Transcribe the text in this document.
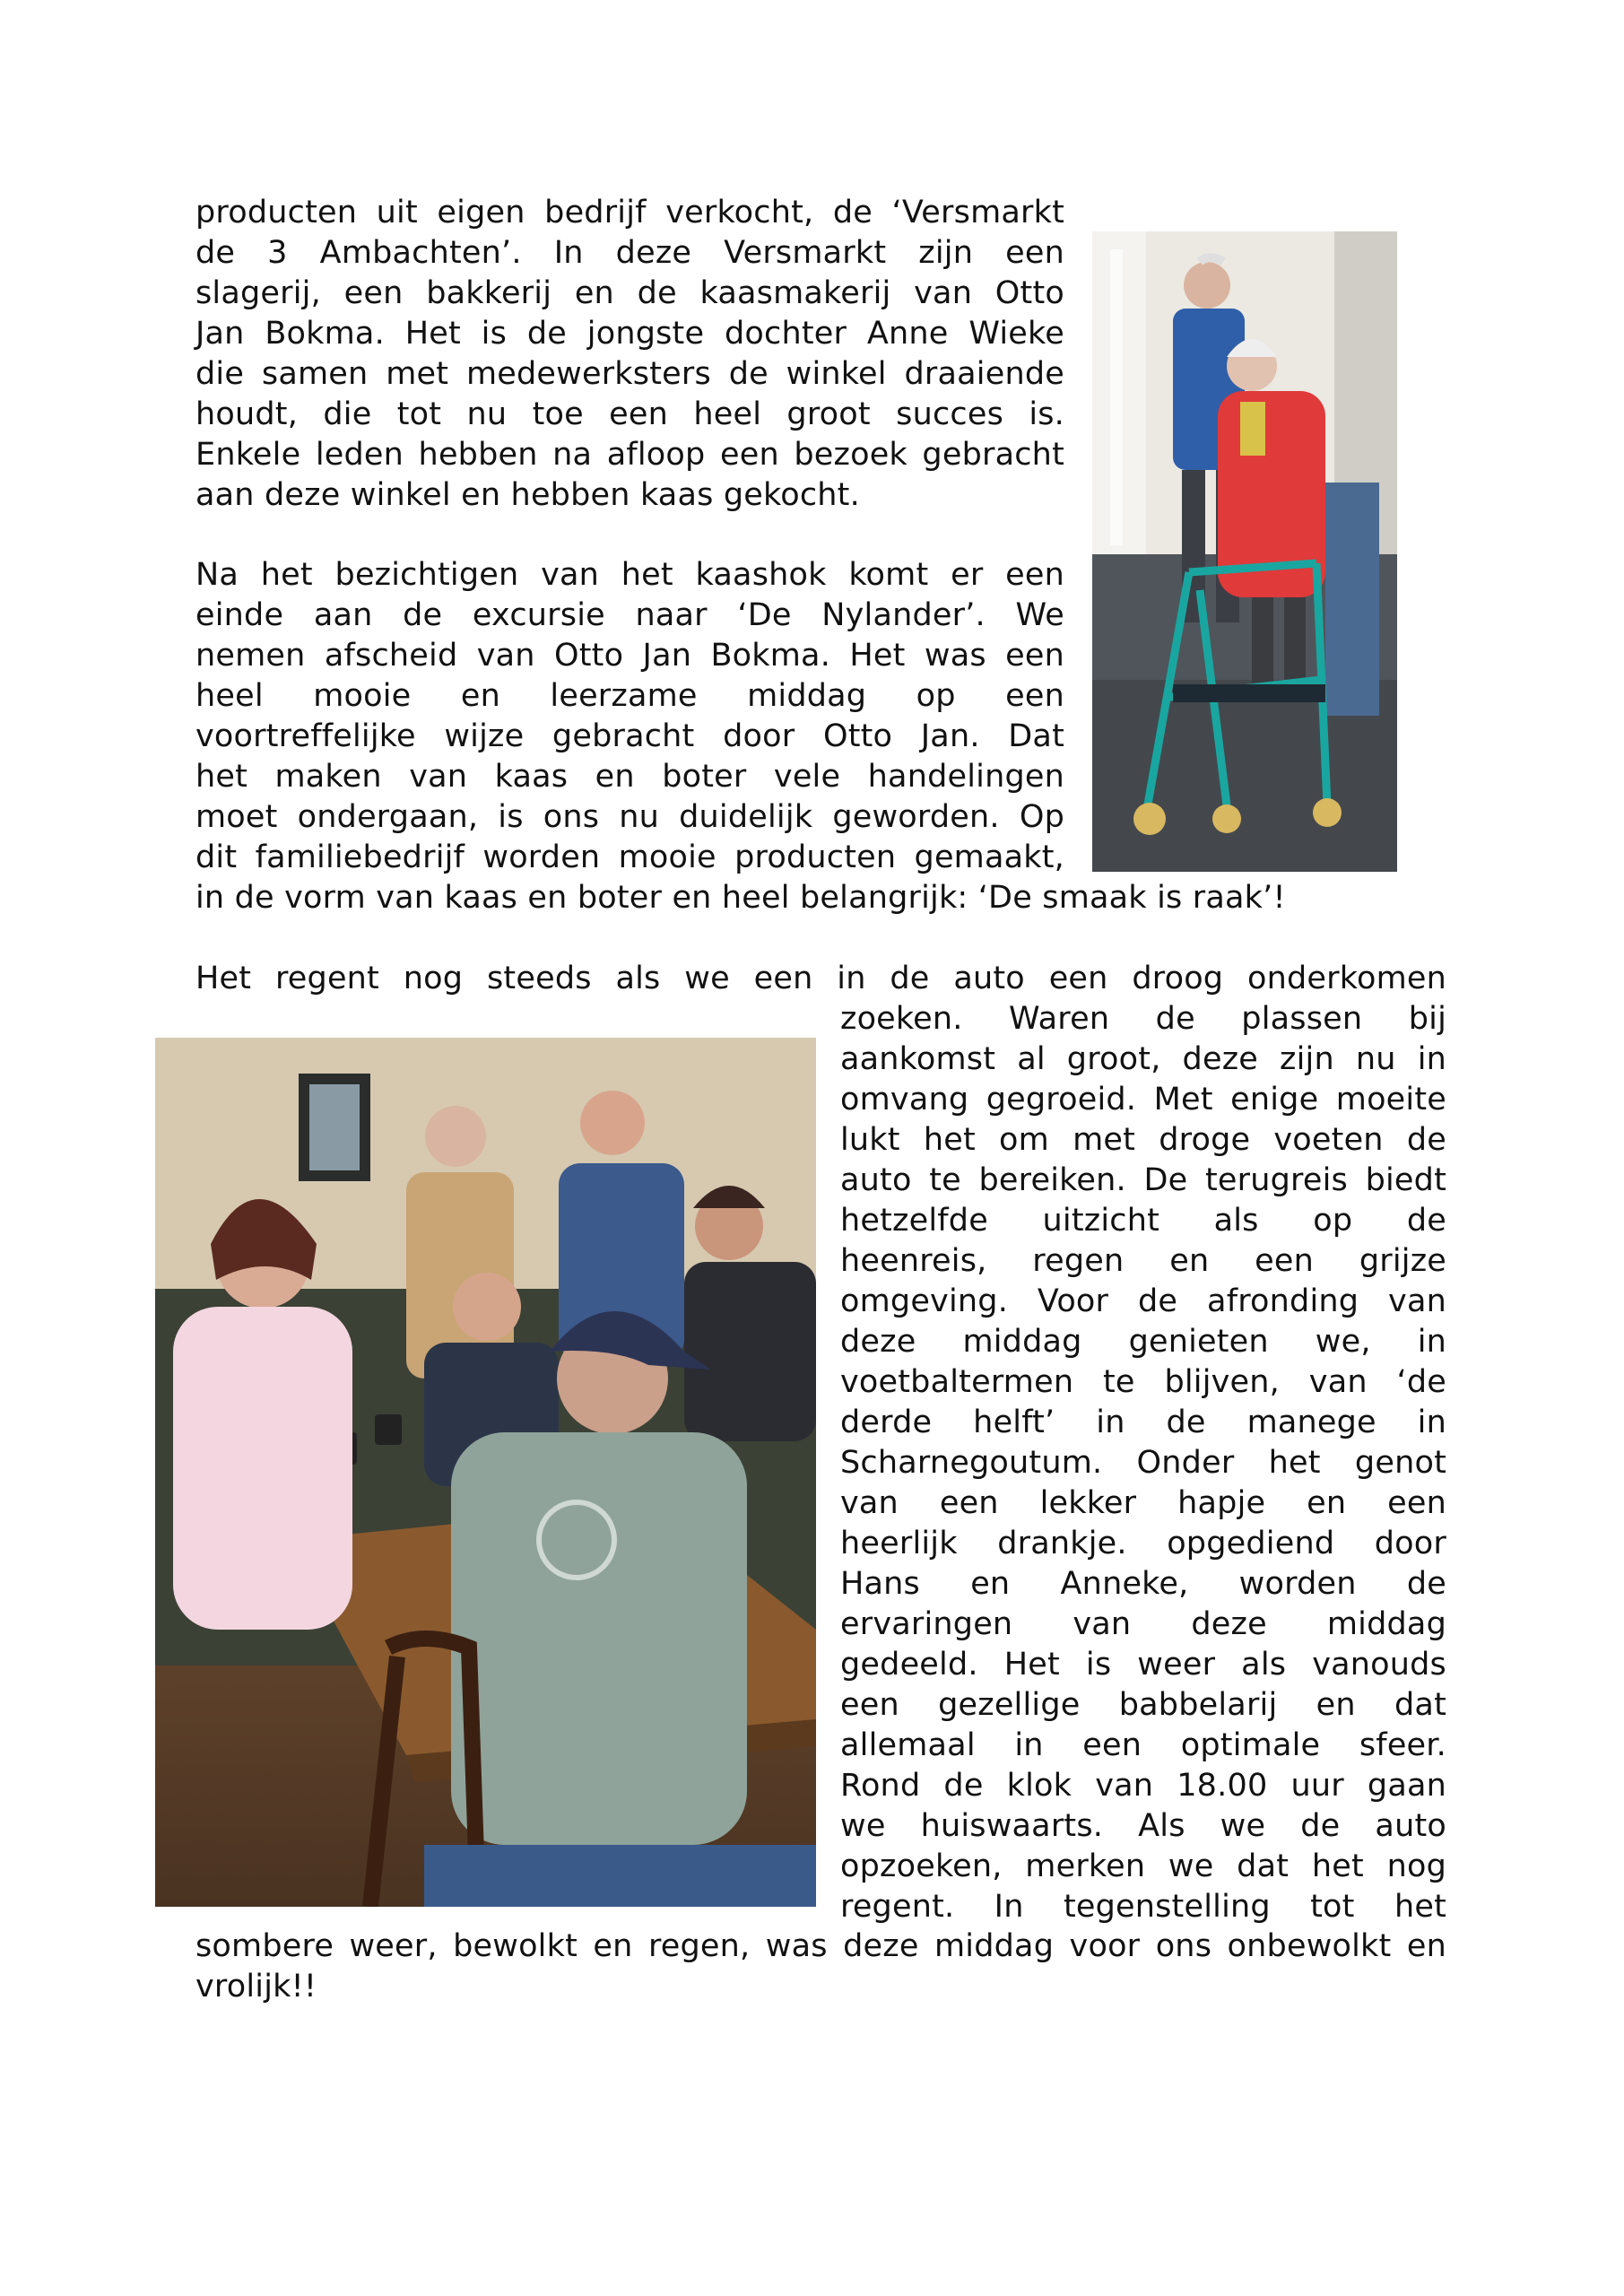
producten uit eigen bedrijf verkocht, de ‘Versmarkt
de 3 Ambachten’. In deze Versmarkt zijn een
slagerij, een bakkerij en de kaasmakerij van Otto
Jan Bokma. Het is de jongste dochter Anne Wieke
die samen met medewerksters de winkel draaiende
houdt, die tot nu toe een heel groot succes is.
Enkele leden hebben na afloop een bezoek gebracht
aan deze winkel en hebben kaas gekocht.
Na het bezichtigen van het kaashok komt er een
einde aan de excursie naar ‘De Nylander’. We
nemen afscheid van Otto Jan Bokma. Het was een
heel mooie en leerzame middag op een
voortreffelijke wijze gebracht door Otto Jan. Dat
het maken van kaas en boter vele handelingen
moet ondergaan, is ons nu duidelijk geworden. Op
dit familiebedrijf worden mooie producten gemaakt,
in de vorm van kaas en boter en heel belangrijk: ‘De smaak is raak’!
Het regent nog steeds als we een in de auto een droog onderkomen
zoeken. Waren de plassen bij
aankomst al groot, deze zijn nu in
omvang gegroeid. Met enige moeite
lukt het om met droge voeten de
auto te bereiken. De terugreis biedt
hetzelfde uitzicht als op de
heenreis, regen en een grijze
omgeving. Voor de afronding van
deze middag genieten we, in
voetbaltermen te blijven, van ‘de
derde helft’ in de manege in
Scharnegoutum. Onder het genot
van een lekker hapje en een
heerlijk drankje. opgediend door
Hans en Anneke, worden de
ervaringen van deze middag
gedeeld. Het is weer als vanouds
een gezellige babbelarij en dat
allemaal in een optimale sfeer.
Rond de klok van 18.00 uur gaan
we huiswaarts. Als we de auto
opzoeken, merken we dat het nog
regent. In tegenstelling tot het
sombere weer, bewolkt en regen, was deze middag voor ons onbewolkt en
vrolijk!!
